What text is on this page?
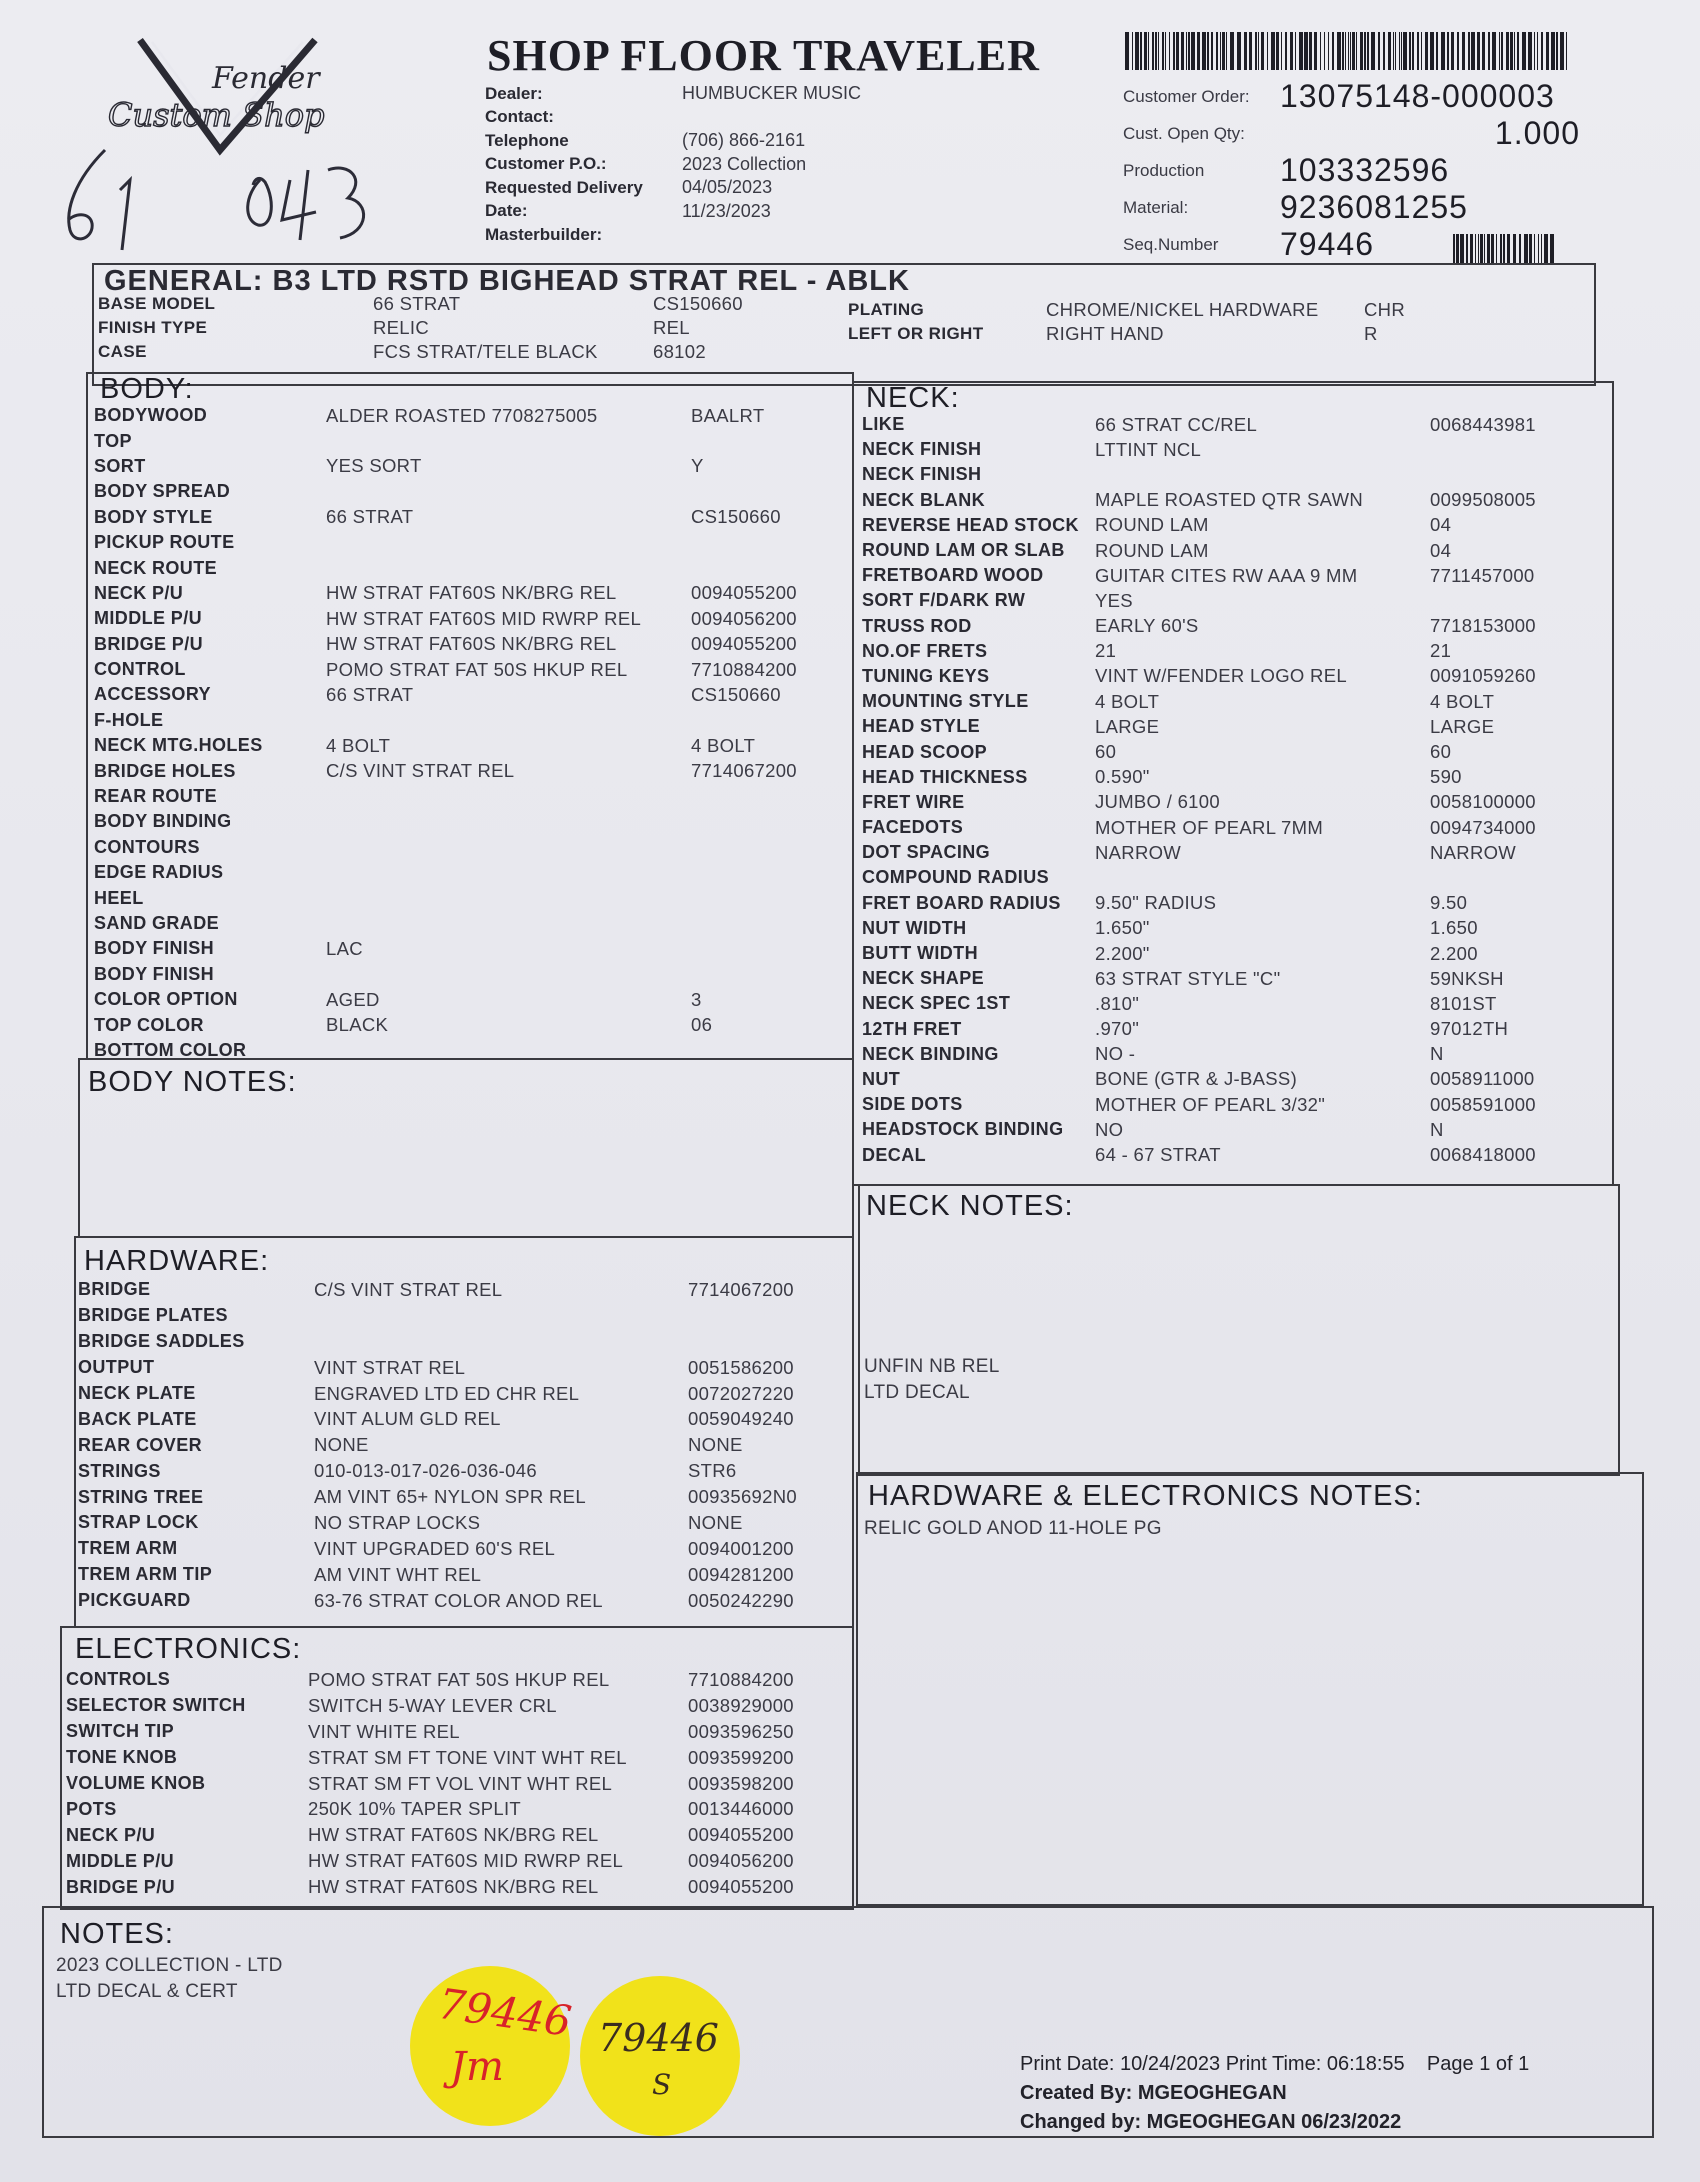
Fender
Custom Shop
61 0413
SHOP FLOOR TRAVELER
Dealer:	HUMBUCKER MUSIC
Contact:
Telephone	(706) 866-2161
Customer P.O.:	2023 Collection
Requested Delivery	04/05/2023
Date:	11/23/2023
Masterbuilder:
Customer Order: 13075148-000003
Cust. Open Qty:	1.000
Production	103332596
Material:	9236081255
Seq.Number	79446
GENERAL: B3 LTD RSTD BIGHEAD STRAT REL - ABLK
BASE MODEL	66 STRAT	CS150660
FINISH TYPE	RELIC	REL
CASE	FCS STRAT/TELE BLACK	68102
PLATING	CHROME/NICKEL HARDWARE	CHR
LEFT OR RIGHT	RIGHT HAND	R
BODY:
BODYWOOD	ALDER ROASTED 7708275005	BAALRT
TOP
SORT	YES SORT	Y
BODY SPREAD
BODY STYLE	66 STRAT	CS150660
PICKUP ROUTE
NECK ROUTE
NECK P/U	HW STRAT FAT60S NK/BRG REL	0094055200
MIDDLE P/U	HW STRAT FAT60S MID RWRP REL	0094056200
BRIDGE P/U	HW STRAT FAT60S NK/BRG REL	0094055200
CONTROL	POMO STRAT FAT 50S HKUP REL	7710884200
ACCESSORY	66 STRAT	CS150660
F-HOLE
NECK MTG.HOLES	4 BOLT	4 BOLT
BRIDGE HOLES	C/S VINT STRAT REL	7714067200
REAR ROUTE
BODY BINDING
CONTOURS
EDGE RADIUS
HEEL
SAND GRADE
BODY FINISH	LAC
BODY FINISH
COLOR OPTION	AGED	3
TOP COLOR	BLACK	06
BOTTOM COLOR
BODY NOTES:
NECK:
LIKE	66 STRAT CC/REL	0068443981
NECK FINISH	LTTINT NCL
NECK FINISH
NECK BLANK	MAPLE ROASTED QTR SAWN	0099508005
REVERSE HEAD STOCK ROUND LAM	04
ROUND LAM OR SLAB	ROUND LAM	04
FRETBOARD WOOD	GUITAR CITES RW AAA 9 MM	7711457000
SORT F/DARK RW	YES
TRUSS ROD	EARLY 60'S	7718153000
NO.OF FRETS	21	21
TUNING KEYS	VINT W/FENDER LOGO REL	0091059260
MOUNTING STYLE	4 BOLT	4 BOLT
HEAD STYLE	LARGE	LARGE
HEAD SCOOP	60	60
HEAD THICKNESS	0.590"	590
FRET WIRE	JUMBO / 6100	0058100000
FACEDOTS	MOTHER OF PEARL 7MM	0094734000
DOT SPACING	NARROW	NARROW
COMPOUND RADIUS
FRET BOARD RADIUS	9.50" RADIUS	9.50
NUT WIDTH	1.650"	1.650
BUTT WIDTH	2.200"	2.200
NECK SHAPE	63 STRAT STYLE "C"	59NKSH
NECK SPEC 1ST	.810"	8101ST
12TH FRET	.970"	97012TH
NECK BINDING	NO -	N
NUT	BONE (GTR & J-BASS)	0058911000
SIDE DOTS	MOTHER OF PEARL 3/32"	0058591000
HEADSTOCK BINDING	NO	N
DECAL	64 - 67 STRAT	0068418000
NECK NOTES:
UNFIN NB REL
LTD DECAL
HARDWARE:
BRIDGE	C/S VINT STRAT REL	7714067200
BRIDGE PLATES
BRIDGE SADDLES
OUTPUT	VINT STRAT REL	0051586200
NECK PLATE	ENGRAVED LTD ED CHR REL	0072027220
BACK PLATE	VINT ALUM GLD REL	0059049240
REAR COVER	NONE	NONE
STRINGS	010-013-017-026-036-046	STR6
STRING TREE	AM VINT 65+ NYLON SPR REL	00935692N0
STRAP LOCK	NO STRAP LOCKS	NONE
TREM ARM	VINT UPGRADED 60'S REL	0094001200
TREM ARM TIP	AM VINT WHT REL	0094281200
PICKGUARD	63-76 STRAT COLOR ANOD REL	0050242290
ELECTRONICS:
CONTROLS	POMO STRAT FAT 50S HKUP REL	7710884200
SELECTOR SWITCH	SWITCH 5-WAY LEVER CRL	0038929000
SWITCH TIP	VINT WHITE REL	0093596250
TONE KNOB	STRAT SM FT TONE VINT WHT REL	0093599200
VOLUME KNOB	STRAT SM FT VOL VINT WHT REL	0093598200
POTS	250K 10% TAPER SPLIT	0013446000
NECK P/U	HW STRAT FAT60S NK/BRG REL	0094055200
MIDDLE P/U	HW STRAT FAT60S MID RWRP REL	0094056200
BRIDGE P/U	HW STRAT FAT60S NK/BRG REL	0094055200
HARDWARE & ELECTRONICS NOTES:
RELIC GOLD ANOD 11-HOLE PG
NOTES:
2023 COLLECTION - LTD
LTD DECAL & CERT	79446
Jm
79446
S
Print Date: 10/24/2023 Print Time: 06:18:55 Page 1 of 1
Created By: MGEOGHEGAN
Changed by: MGEOGHEGAN 06/23/2022
